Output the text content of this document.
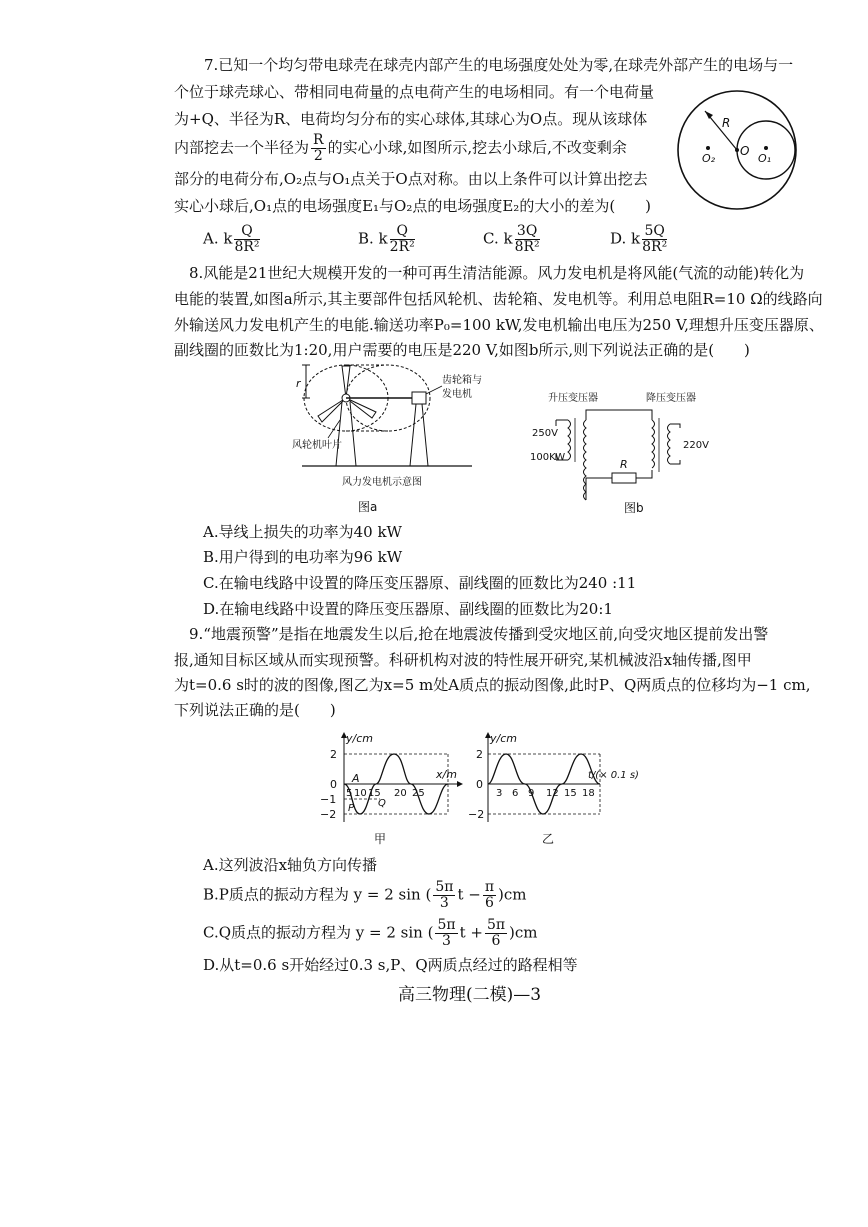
7.已知一个均匀带电球壳在球壳内部产生的电场强度处处为零,在球壳外部产生的电场与一
个位于球壳球心、带相同电荷量的点电荷产生的电场相同。有一个电荷量
为+Q、半径为R、电荷均匀分布的实心球体,其球心为O点。现从该球体
内部挖去一个半径为 $\frac{R}{2}$ 的实心小球,如图所示,挖去小球后,不改变剩余
部分的电荷分布,O₂点与O₁点关于O点对称。由以上条件可以计算出挖去
实心小球后,O₁点的电场强度E₁与O₂点的电场强度E₂的大小的差为(　　)
A. k $\frac{Q}{\text{8R²}}$	B. k $\frac{Q}{\text{2R²}}$	C. k $\frac{3Q}{\text{8R²}}$	D. k $\frac{5Q}{\text{8R²}}$
R
O
O₁
O₂
8.风能是21世纪大规模开发的一种可再生清洁能源。风力发电机是将风能(气流的动能)转化为
电能的装置,如图a所示,其主要部件包括风轮机、齿轮箱、发电机等。利用总电阻R=10 Ω的线路向
外输送风力发电机产生的电能.输送功率P₀=100 kW,发电机输出电压为250 V,理想升压变压器原、
副线圈的匝数比为1:20,用户需要的电压是220 V,如图b所示,则下列说法正确的是(　　)
r	齿轮箱与
发电机
风轮机叶片
风力发电机示意图
图a
升压变压器	降压变压器
250V
100KW
220V
R
图b
A.导线上损失的功率为40 kW
B.用户得到的电功率为96 kW
C.在输电线路中设置的降压变压器原、副线圈的匝数比为240 :11
D.在输电线路中设置的降压变压器原、副线圈的匝数比为20:1
9.“地震预警”是指在地震发生以后,抢在地震波传播到受灾地区前,向受灾地区提前发出警
报,通知目标区域从而实现预警。科研机构对波的特性展开研究,某机械波沿x轴传播,图甲
为t=0.6 s时的波的图像,图乙为x=5 m处A质点的振动图像,此时P、Q两质点的位移均为−1 cm,
下列说法正确的是(　　)
y/cm
x/m
2
0
−1
−2
5 10 15 20 25
A
P Q
甲
y/cm
t/(× 0.1 s)
2
0
−2
3 6 9 12 15 18
乙
A.这列波沿x轴负方向传播
B.P质点的振动方程为 y = 2 sin ( $\frac{5\pi}{3}$ $t - \frac{\pi}{6} )cm$
C.Q质点的振动方程为 y = 2 sin ( $\frac{5\pi}{3}$ $t + \frac{5\pi}{6} )cm$
D.从t=0.6 s开始经过0.3 s,P、Q两质点经过的路程相等
高三物理(二模)—3
